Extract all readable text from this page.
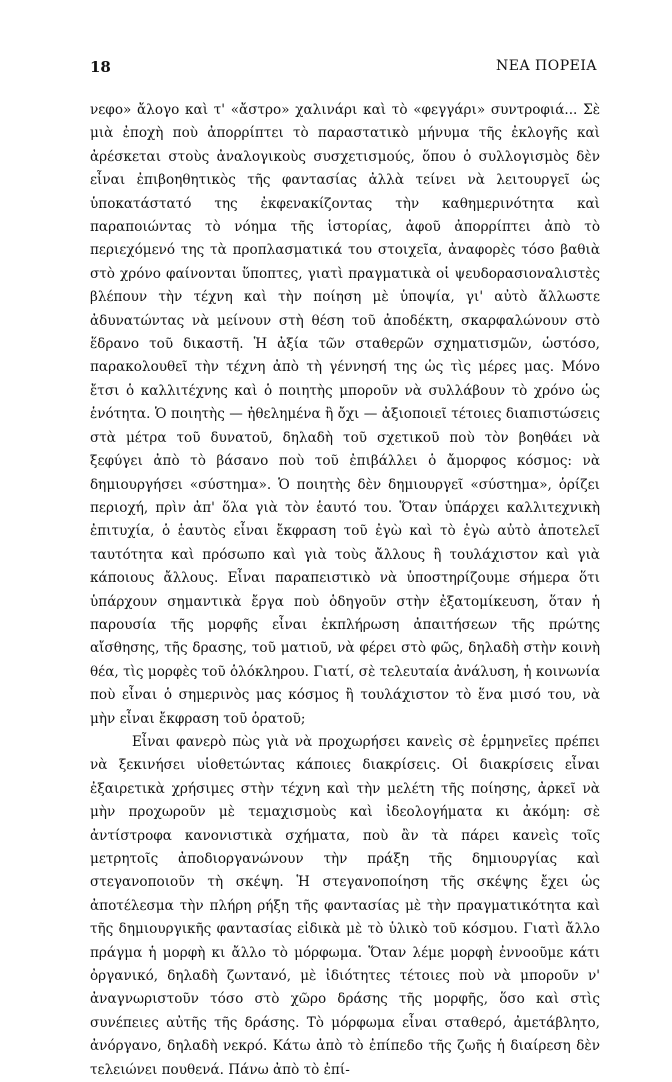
18	ΝΕΑ ΠΟΡΕΙΑ

νεφο» ἄλογο καὶ τ' «ἄστρο» χαλινάρι καὶ τὸ «φεγγάρι» συντροφιά... Σὲ μιὰ ἐποχὴ ποὺ ἀπορρίπτει τὸ παραστατικὸ μήνυμα τῆς ἐκλογῆς καὶ ἀρέσκεται στοὺς ἀναλογικοὺς συσχετισμούς, ὅπου ὁ συλλογισμὸς δὲν εἶναι ἐπιβοηθητικὸς τῆς φαντασίας ἀλλὰ τείνει νὰ λειτουργεῖ ὡς ὑποκατάστατό της ἐκφενακίζοντας τὴν καθημερινότητα καὶ παραποιώντας τὸ νόημα τῆς ἱστορίας, ἀφοῦ ἀπορρίπτει ἀπὸ τὸ περιεχόμενό της τὰ προπλασματικά του στοιχεῖα, ἀναφορὲς τόσο βαθιὰ στὸ χρόνο φαίνονται ὕποπτες, γιατὶ πραγματικὰ οἱ ψευδορασιοναλιστὲς βλέπουν τὴν τέχνη καὶ τὴν ποίηση μὲ ὑποψία, γι' αὐτὸ ἄλλωστε ἀδυνατώντας νὰ μείνουν στὴ θέση τοῦ ἀποδέκτη, σκαρφαλώνουν στὸ ἕδρανο τοῦ δικαστῆ. Ἡ ἀξία τῶν σταθερῶν σχηματισμῶν, ὡστόσο, παρακολουθεῖ τὴν τέχνη ἀπὸ τὴ γέννησή της ὡς τὶς μέρες μας. Μόνο ἔτσι ὁ καλλιτέχνης καὶ ὁ ποιητὴς μποροῦν νὰ συλλάβουν τὸ χρόνο ὡς ἑνότητα. Ὁ ποιητὴς — ἠθελημένα ἢ ὄχι — ἀξιοποιεῖ τέτοιες διαπιστώσεις στὰ μέτρα τοῦ δυνατοῦ, δηλαδὴ τοῦ σχετικοῦ ποὺ τὸν βοηθάει νὰ ξεφύγει ἀπὸ τὸ βάσανο ποὺ τοῦ ἐπιβάλλει ὁ ἄμορφος κόσμος: νὰ δημιουργήσει «σύστημα». Ὁ ποιητὴς δὲν δημιουργεῖ «σύστημα», ὁρίζει περιοχή, πρὶν ἀπ' ὅλα γιὰ τὸν ἑαυτό του. Ὅταν ὑπάρχει καλλιτεχνικὴ ἐπιτυχία, ὁ ἑαυτὸς εἶναι ἔκφραση τοῦ ἐγὼ καὶ τὸ ἐγὼ αὐτὸ ἀποτελεῖ ταυτότητα καὶ πρόσωπο καὶ γιὰ τοὺς ἄλλους ἢ τουλάχιστον καὶ γιὰ κάποιους ἄλλους. Εἶναι παραπειστικὸ νὰ ὑποστηρίζουμε σήμερα ὅτι ὑπάρχουν σημαντικὰ ἔργα ποὺ ὁδηγοῦν στὴν ἐξατομίκευση, ὅταν ἡ παρουσία τῆς μορφῆς εἶναι ἐκπλήρωση ἀπαιτήσεων τῆς πρώτης αἴσθησης, τῆς δρασης, τοῦ ματιοῦ, νὰ φέρει στὸ φῶς, δηλαδὴ στὴν κοινὴ θέα, τὶς μορφὲς τοῦ ὁλόκληρου. Γιατί, σὲ τελευταία ἀνάλυση, ἡ κοινωνία ποὺ εἶναι ὁ σημερινὸς μας κόσμος ἢ τουλάχιστον τὸ ἕνα μισό του, νὰ μὴν εἶναι ἔκφραση τοῦ ὁρατοῦ;

Εἶναι φανερὸ πὼς γιὰ νὰ προχωρήσει κανεὶς σὲ ἑρμηνεῖες πρέπει νὰ ξεκινήσει υἱοθετώντας κάποιες διακρίσεις. Οἱ διακρίσεις εἶναι ἐξαιρετικὰ χρήσιμες στὴν τέχνη καὶ τὴν μελέτη τῆς ποίησης, ἀρκεῖ νὰ μὴν προχωροῦν μὲ τεμαχισμοὺς καὶ ἰδεολογήματα κι ἀκόμη: σὲ ἀντίστροφα κανονιστικὰ σχήματα, ποὺ ἂν τὰ πάρει κανεὶς τοῖς μετρητοῖς ἀποδιοργανώνουν τὴν πράξη τῆς δημιουργίας καὶ στεγανοποιοῦν τὴ σκέψη. Ἡ στεγανοποίηση τῆς σκέψης ἔχει ὡς ἀποτέλεσμα τὴν πλήρη ρήξη τῆς φαντασίας μὲ τὴν πραγματικότητα καὶ τῆς δημιουργικῆς φαντασίας εἰδικὰ μὲ τὸ ὑλικὸ τοῦ κόσμου. Γιατὶ ἄλλο πράγμα ἡ μορφὴ κι ἄλλο τὸ μόρφωμα. Ὅταν λέμε μορφὴ ἐννοοῦμε κάτι ὀργανικό, δηλαδὴ ζωντανό, μὲ ἰδιότητες τέτοιες ποὺ νὰ μποροῦν ν' ἀναγνωριστοῦν τόσο στὸ χῶρο δράσης τῆς μορφῆς, ὅσο καὶ στὶς συνέπειες αὐτῆς τῆς δράσης. Τὸ μόρφωμα εἶναι σταθερό, ἀμετάβλητο, ἀνόργανο, δηλαδὴ νεκρό. Κάτω ἀπὸ τὸ ἐπίπεδο τῆς ζωῆς ἡ διαίρεση δὲν τελειώνει πουθενά. Πάνω ἀπὸ τὸ ἐπί-
